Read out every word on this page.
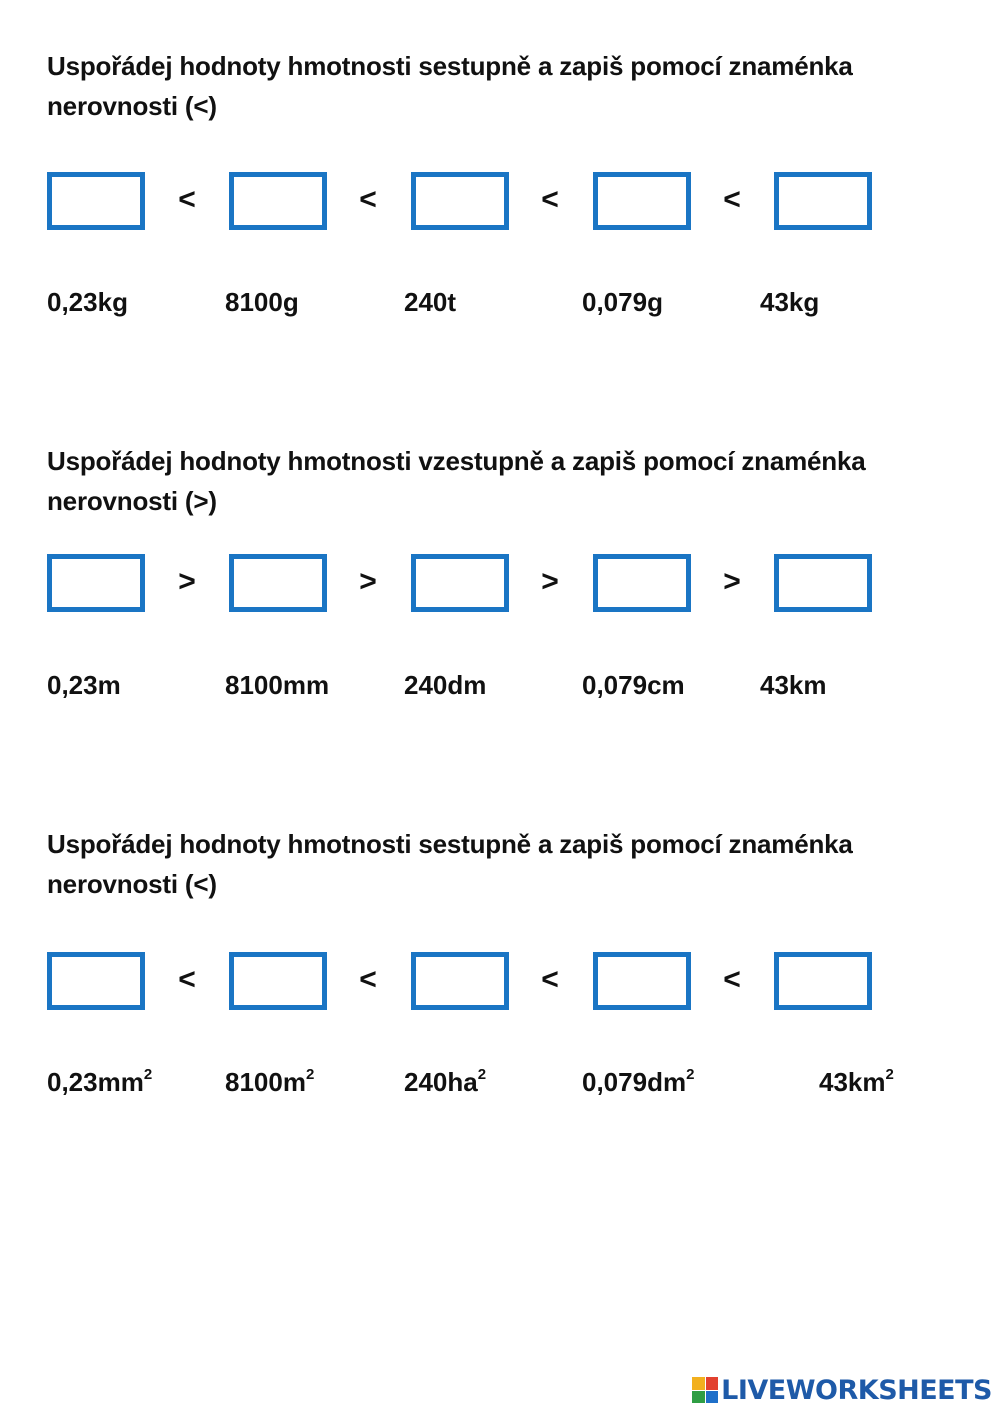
Uspořádej hodnoty hmotnosti sestupně a zapiš pomocí znaménka nerovnosti (<)

<	<	<	<
0,23kg	8100g	240t	0,079g	43kg

Uspořádej hodnoty hmotnosti vzestupně a zapiš pomocí znaménka nerovnosti (>)

>	>	>	>
0,23m	8100mm	240dm	0,079cm	43km

Uspořádej hodnoty hmotnosti sestupně a zapiš pomocí znaménka nerovnosti (<)

<	<	<	<
$0,23mm^2$	$8100m^2$	$240ha^2$	$0,079dm^2$	$43km^2$
LIVEWORKSHEETS
